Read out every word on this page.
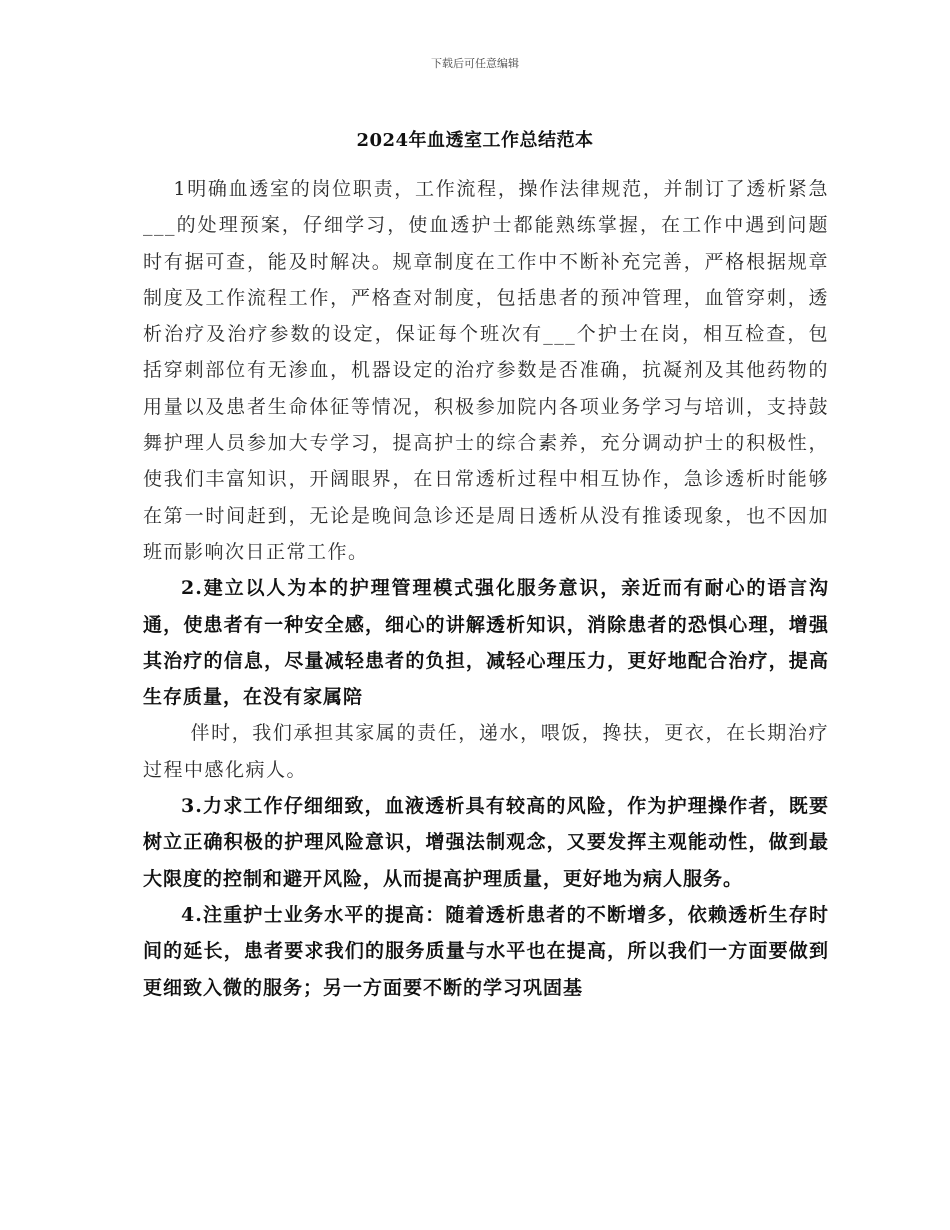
下载后可任意编辑
2024年血透室工作总结范本

1明确血透室的岗位职责，工作流程，操作法律规范，并制订了透析紧急___的处理预案，仔细学习，使血透护士都能熟练掌握，在工作中遇到问题时有据可查，能及时解决。规章制度在工作中不断补充完善，严格根据规章制度及工作流程工作，严格查对制度，包括患者的预冲管理，血管穿刺，透析治疗及治疗参数的设定，保证每个班次有___个护士在岗，相互检查，包括穿刺部位有无渗血，机器设定的治疗参数是否准确，抗凝剂及其他药物的用量以及患者生命体征等情况，积极参加院内各项业务学习与培训，支持鼓舞护理人员参加大专学习，提高护士的综合素养，充分调动护士的积极性，使我们丰富知识，开阔眼界，在日常透析过程中相互协作，急诊透析时能够在第一时间赶到，无论是晚间急诊还是周日透析从没有推诿现象，也不因加班而影响次日正常工作。

2.建立以人为本的护理管理模式强化服务意识，亲近而有耐心的语言沟通，使患者有一种安全感，细心的讲解透析知识，消除患者的恐惧心理，增强其治疗的信息，尽量减轻患者的负担，减轻心理压力，更好地配合治疗，提高生存质量，在没有家属陪

伴时，我们承担其家属的责任，递水，喂饭，搀扶，更衣，在长期治疗过程中感化病人。

3.力求工作仔细细致，血液透析具有较高的风险，作为护理操作者，既要树立正确积极的护理风险意识，增强法制观念，又要发挥主观能动性，做到最大限度的控制和避开风险，从而提高护理质量，更好地为病人服务。

4.注重护士业务水平的提高：随着透析患者的不断增多，依赖透析生存时间的延长，患者要求我们的服务质量与水平也在提高，所以我们一方面要做到更细致入微的服务；另一方面要不断的学习巩固基
